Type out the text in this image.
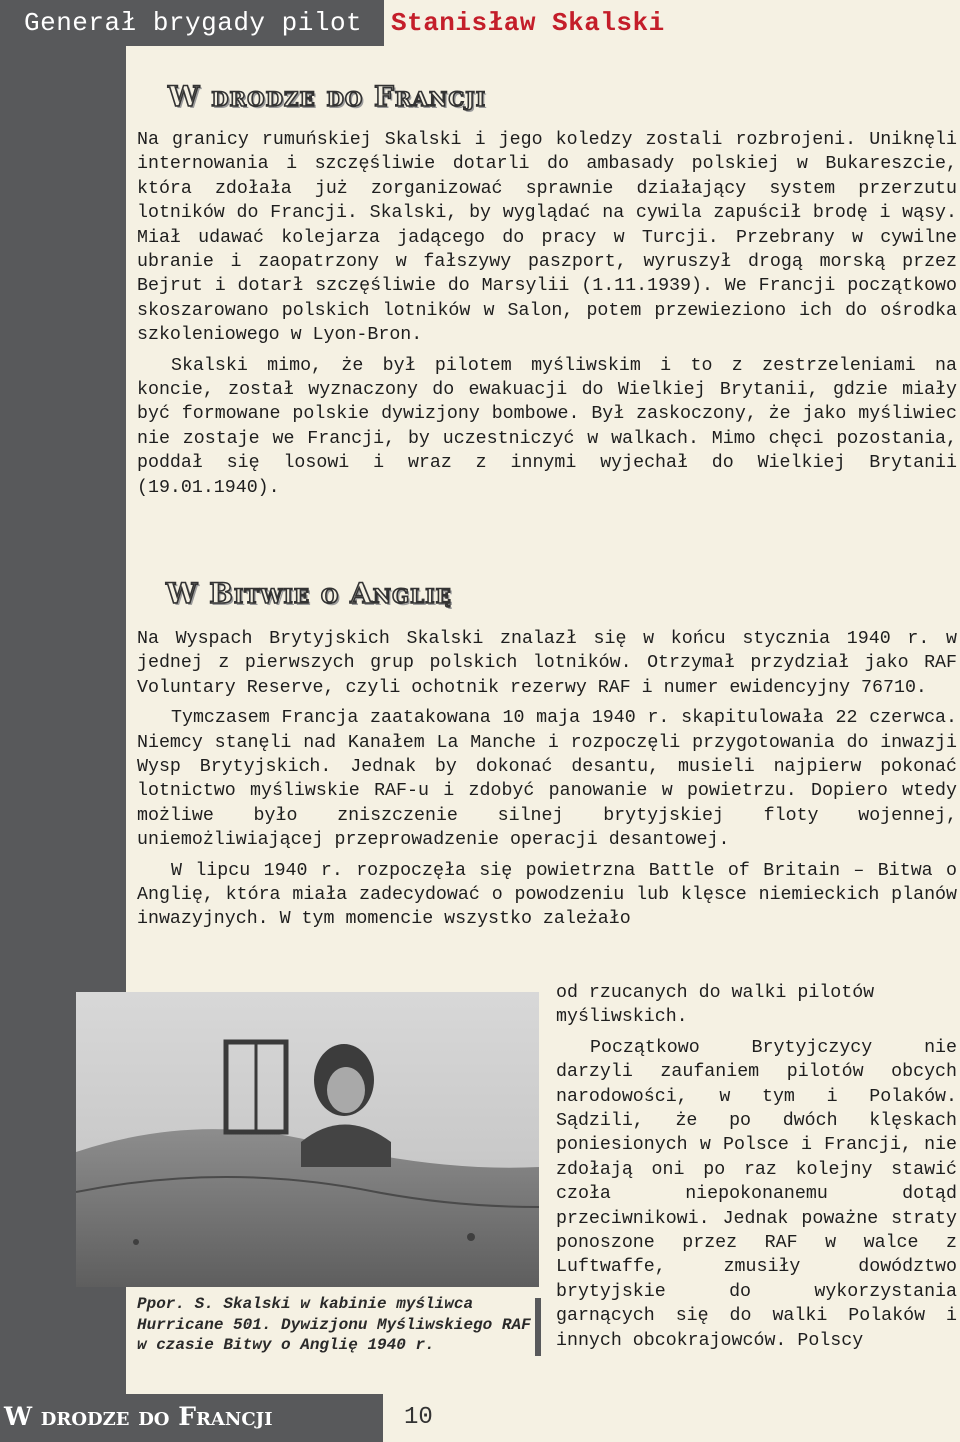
Generał brygady pilot Stanisław Skalski
W drodze do Francji

Na granicy rumuńskiej Skalski i jego koledzy zostali rozbrojeni. Uniknęli internowania i szczęśliwie dotarli do ambasady polskiej w Bukareszcie, która zdołała już zorganizować sprawnie działający system przerzutu lotników do Francji. Skalski, by wyglądać na cywila zapuścił brodę i wąsy. Miał udawać kolejarza jadącego do pracy w Turcji. Przebrany w cywilne ubranie i zaopatrzony w fałszywy paszport, wyruszył drogą morską przez Bejrut i dotarł szczęśliwie do Marsylii (1.11.1939). We Francji początkowo skoszarowano polskich lotników w Salon, potem przewieziono ich do ośrodka szkoleniowego w Lyon-Bron.

Skalski mimo, że był pilotem myśliwskim i to z zestrzeleniami na koncie, został wyznaczony do ewakuacji do Wielkiej Brytanii, gdzie miały być formowane polskie dywizjony bombowe. Był zaskoczony, że jako myśliwiec nie zostaje we Francji, by uczestniczyć w walkach. Mimo chęci pozostania, poddał się losowi i wraz z innymi wyjechał do Wielkiej Brytanii (19.01.1940).

W Bitwie o Anglię

Na Wyspach Brytyjskich Skalski znalazł się w końcu stycznia 1940 r. w jednej z pierwszych grup polskich lotników. Otrzymał przydział jako RAF Voluntary Reserve, czyli ochotnik rezerwy RAF i numer ewidencyjny 76710.

Tymczasem Francja zaatakowana 10 maja 1940 r. skapitulowała 22 czerwca. Niemcy stanęli nad Kanałem La Manche i rozpoczęli przygotowania do inwazji Wysp Brytyjskich. Jednak by dokonać desantu, musieli najpierw pokonać lotnictwo myśliwskie RAF-u i zdobyć panowanie w powietrzu. Dopiero wtedy możliwe było zniszczenie silnej brytyjskiej floty wojennej, uniemożliwiającej przeprowadzenie operacji desantowej.

W lipcu 1940 r. rozpoczęła się powietrzna Battle of Britain – Bitwa o Anglię, która miała zadecydować o powodzeniu lub klęsce niemieckich planów inwazyjnych. W tym momencie wszystko zależało

od rzucanych do walki pilotów myśliwskich.

Początkowo Brytyjczycy nie darzyli zaufaniem pilotów obcych narodowości, w tym i Polaków. Sądzili, że po dwóch klęskach poniesionych w Polsce i Francji, nie zdołają oni po raz kolejny stawić czoła niepokonanemu dotąd przeciwnikowi. Jednak poważne straty ponoszone przez RAF w walce z Luftwaffe, zmusiły dowództwo brytyjskie do wykorzystania garnących się do walki Polaków i innych obcokrajowców. Polscy

Ppor. S. Skalski w kabinie myśliwca Hurricane 501. Dywizjonu Myśliwskiego RAF w czasie Bitwy o Anglię 1940 r.
W drodze do Francji	10
